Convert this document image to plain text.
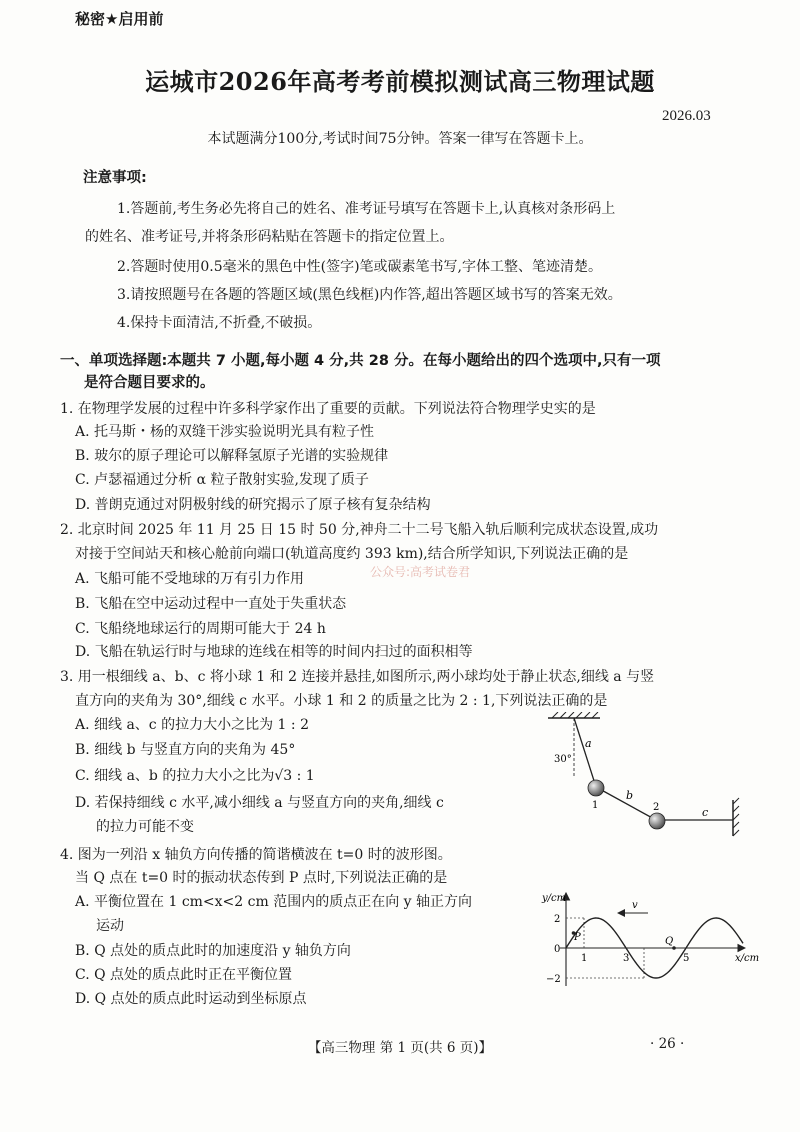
秘密★启用前
运城市2026年高考考前模拟测试高三物理试题
2026.03
本试题满分100分,考试时间75分钟。答案一律写在答题卡上。
注意事项:
1.答题前,考生务必先将自己的姓名、准考证号填写在答题卡上,认真核对条形码上
的姓名、准考证号,并将条形码粘贴在答题卡的指定位置上。
2.答题时使用0.5毫米的黑色中性(签字)笔或碳素笔书写,字体工整、笔迹清楚。
3.请按照题号在各题的答题区域(黑色线框)内作答,超出答题区域书写的答案无效。
4.保持卡面清洁,不折叠,不破损。
一、单项选择题:本题共 7 小题,每小题 4 分,共 28 分。在每小题给出的四个选项中,只有一项
是符合题目要求的。
1. 在物理学发展的过程中许多科学家作出了重要的贡献。下列说法符合物理学史实的是
A. 托马斯・杨的双缝干涉实验说明光具有粒子性
B. 玻尔的原子理论可以解释氢原子光谱的实验规律
C. 卢瑟福通过分析 α 粒子散射实验,发现了质子
D. 普朗克通过对阴极射线的研究揭示了原子核有复杂结构
2. 北京时间 2025 年 11 月 25 日 15 时 50 分,神舟二十二号飞船入轨后顺利完成状态设置,成功
对接于空间站天和核心舱前向端口(轨道高度约 393 km),结合所学知识,下列说法正确的是
A. 飞船可能不受地球的万有引力作用
B. 飞船在空中运动过程中一直处于失重状态
C. 飞船绕地球运行的周期可能大于 24 h
D. 飞船在轨运行时与地球的连线在相等的时间内扫过的面积相等
公众号:高考试卷君
3. 用一根细线 a、b、c 将小球 1 和 2 连接并悬挂,如图所示,两小球均处于静止状态,细线 a 与竖
直方向的夹角为 30°,细线 c 水平。小球 1 和 2 的质量之比为 2 : 1,下列说法正确的是
A. 细线 a、c 的拉力大小之比为 1 : 2
B. 细线 b 与竖直方向的夹角为 45°
C. 细线 a、b 的拉力大小之比为√3 : 1
D. 若保持细线 c 水平,减小细线 a 与竖直方向的夹角,细线 c
的拉力可能不变
30°
a
b
c
1	2
4. 图为一列沿 x 轴负方向传播的简谐横波在 t=0 时的波形图。
当 Q 点在 t=0 时的振动状态传到 P 点时,下列说法正确的是
A. 平衡位置在 1 cm<x<2 cm 范围内的质点正在向 y 轴正方向
运动
B. Q 点处的质点此时的加速度沿 y 轴负方向
C. Q 点处的质点此时正在平衡位置
D. Q 点处的质点此时运动到坐标原点
y/cm
x/cm
v
P	Q
2
0
−2
1	3	5
【高三物理 第 1 页(共 6 页)】	· 26 ·
